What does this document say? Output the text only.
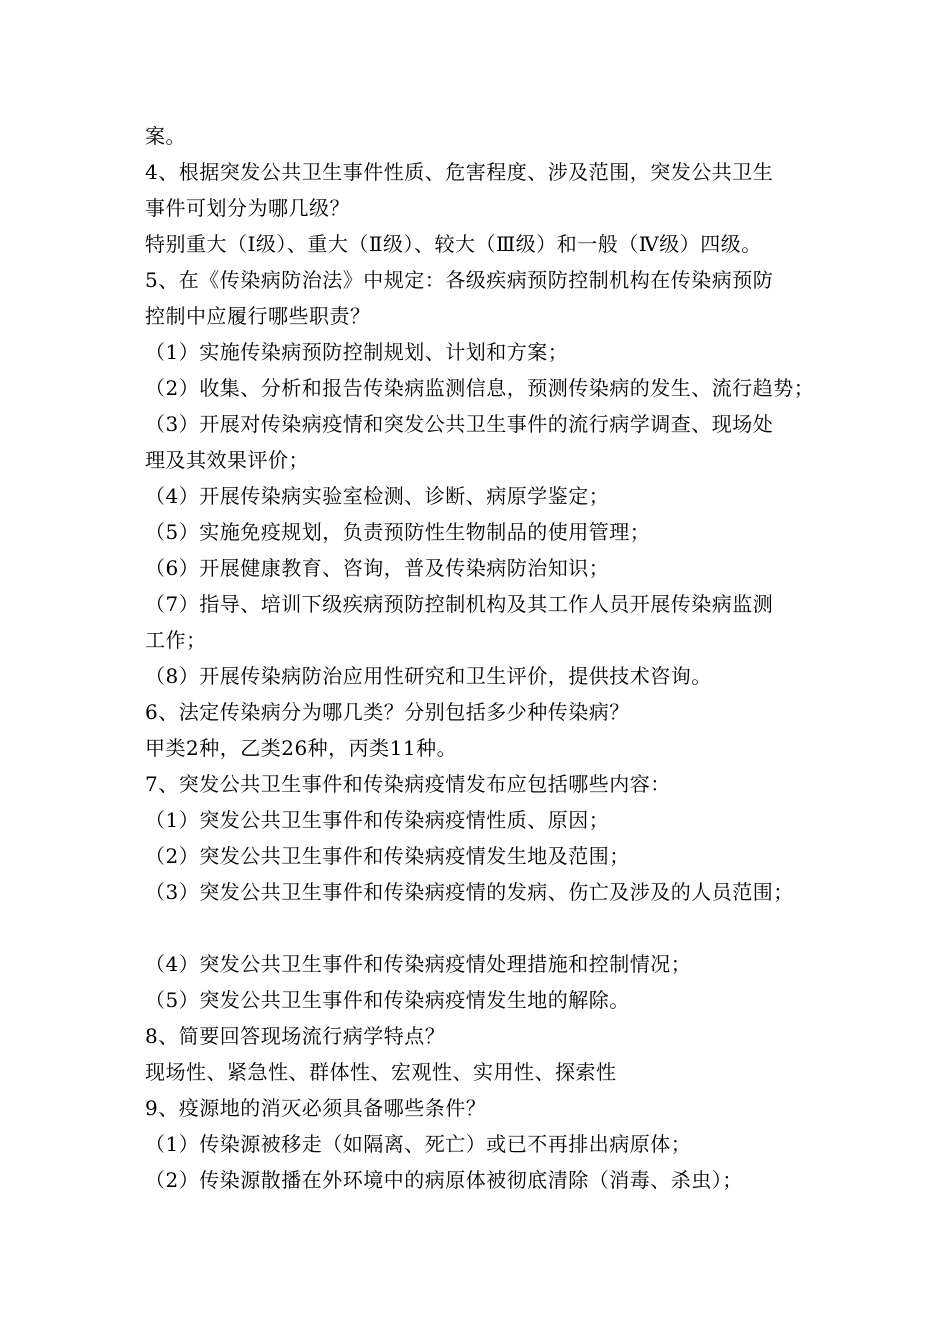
案。
4、根据突发公共卫生事件性质、危害程度、涉及范围，突发公共卫生
事件可划分为哪几级？
特别重大（Ⅰ级）、重大（Ⅱ级）、较大（Ⅲ级）和一般（Ⅳ级）四级。
5、在《传染病防治法》中规定：各级疾病预防控制机构在传染病预防
控制中应履行哪些职责？
（1）实施传染病预防控制规划、计划和方案；
（2）收集、分析和报告传染病监测信息，预测传染病的发生、流行趋势；
（3）开展对传染病疫情和突发公共卫生事件的流行病学调查、现场处
理及其效果评价；
（4）开展传染病实验室检测、诊断、病原学鉴定；
（5）实施免疫规划，负责预防性生物制品的使用管理；
（6）开展健康教育、咨询，普及传染病防治知识；
（7）指导、培训下级疾病预防控制机构及其工作人员开展传染病监测
工作；
（8）开展传染病防治应用性研究和卫生评价，提供技术咨询。
6、法定传染病分为哪几类？分别包括多少种传染病？
甲类2种，乙类26种，丙类11种。
7、突发公共卫生事件和传染病疫情发布应包括哪些内容：
（1）突发公共卫生事件和传染病疫情性质、原因；
（2）突发公共卫生事件和传染病疫情发生地及范围；
（3）突发公共卫生事件和传染病疫情的发病、伤亡及涉及的人员范围；
（4）突发公共卫生事件和传染病疫情处理措施和控制情况；
（5）突发公共卫生事件和传染病疫情发生地的解除。
8、简要回答现场流行病学特点？
现场性、紧急性、群体性、宏观性、实用性、探索性
9、疫源地的消灭必须具备哪些条件？
（1）传染源被移走（如隔离、死亡）或已不再排出病原体；
（2）传染源散播在外环境中的病原体被彻底清除（消毒、杀虫）；
